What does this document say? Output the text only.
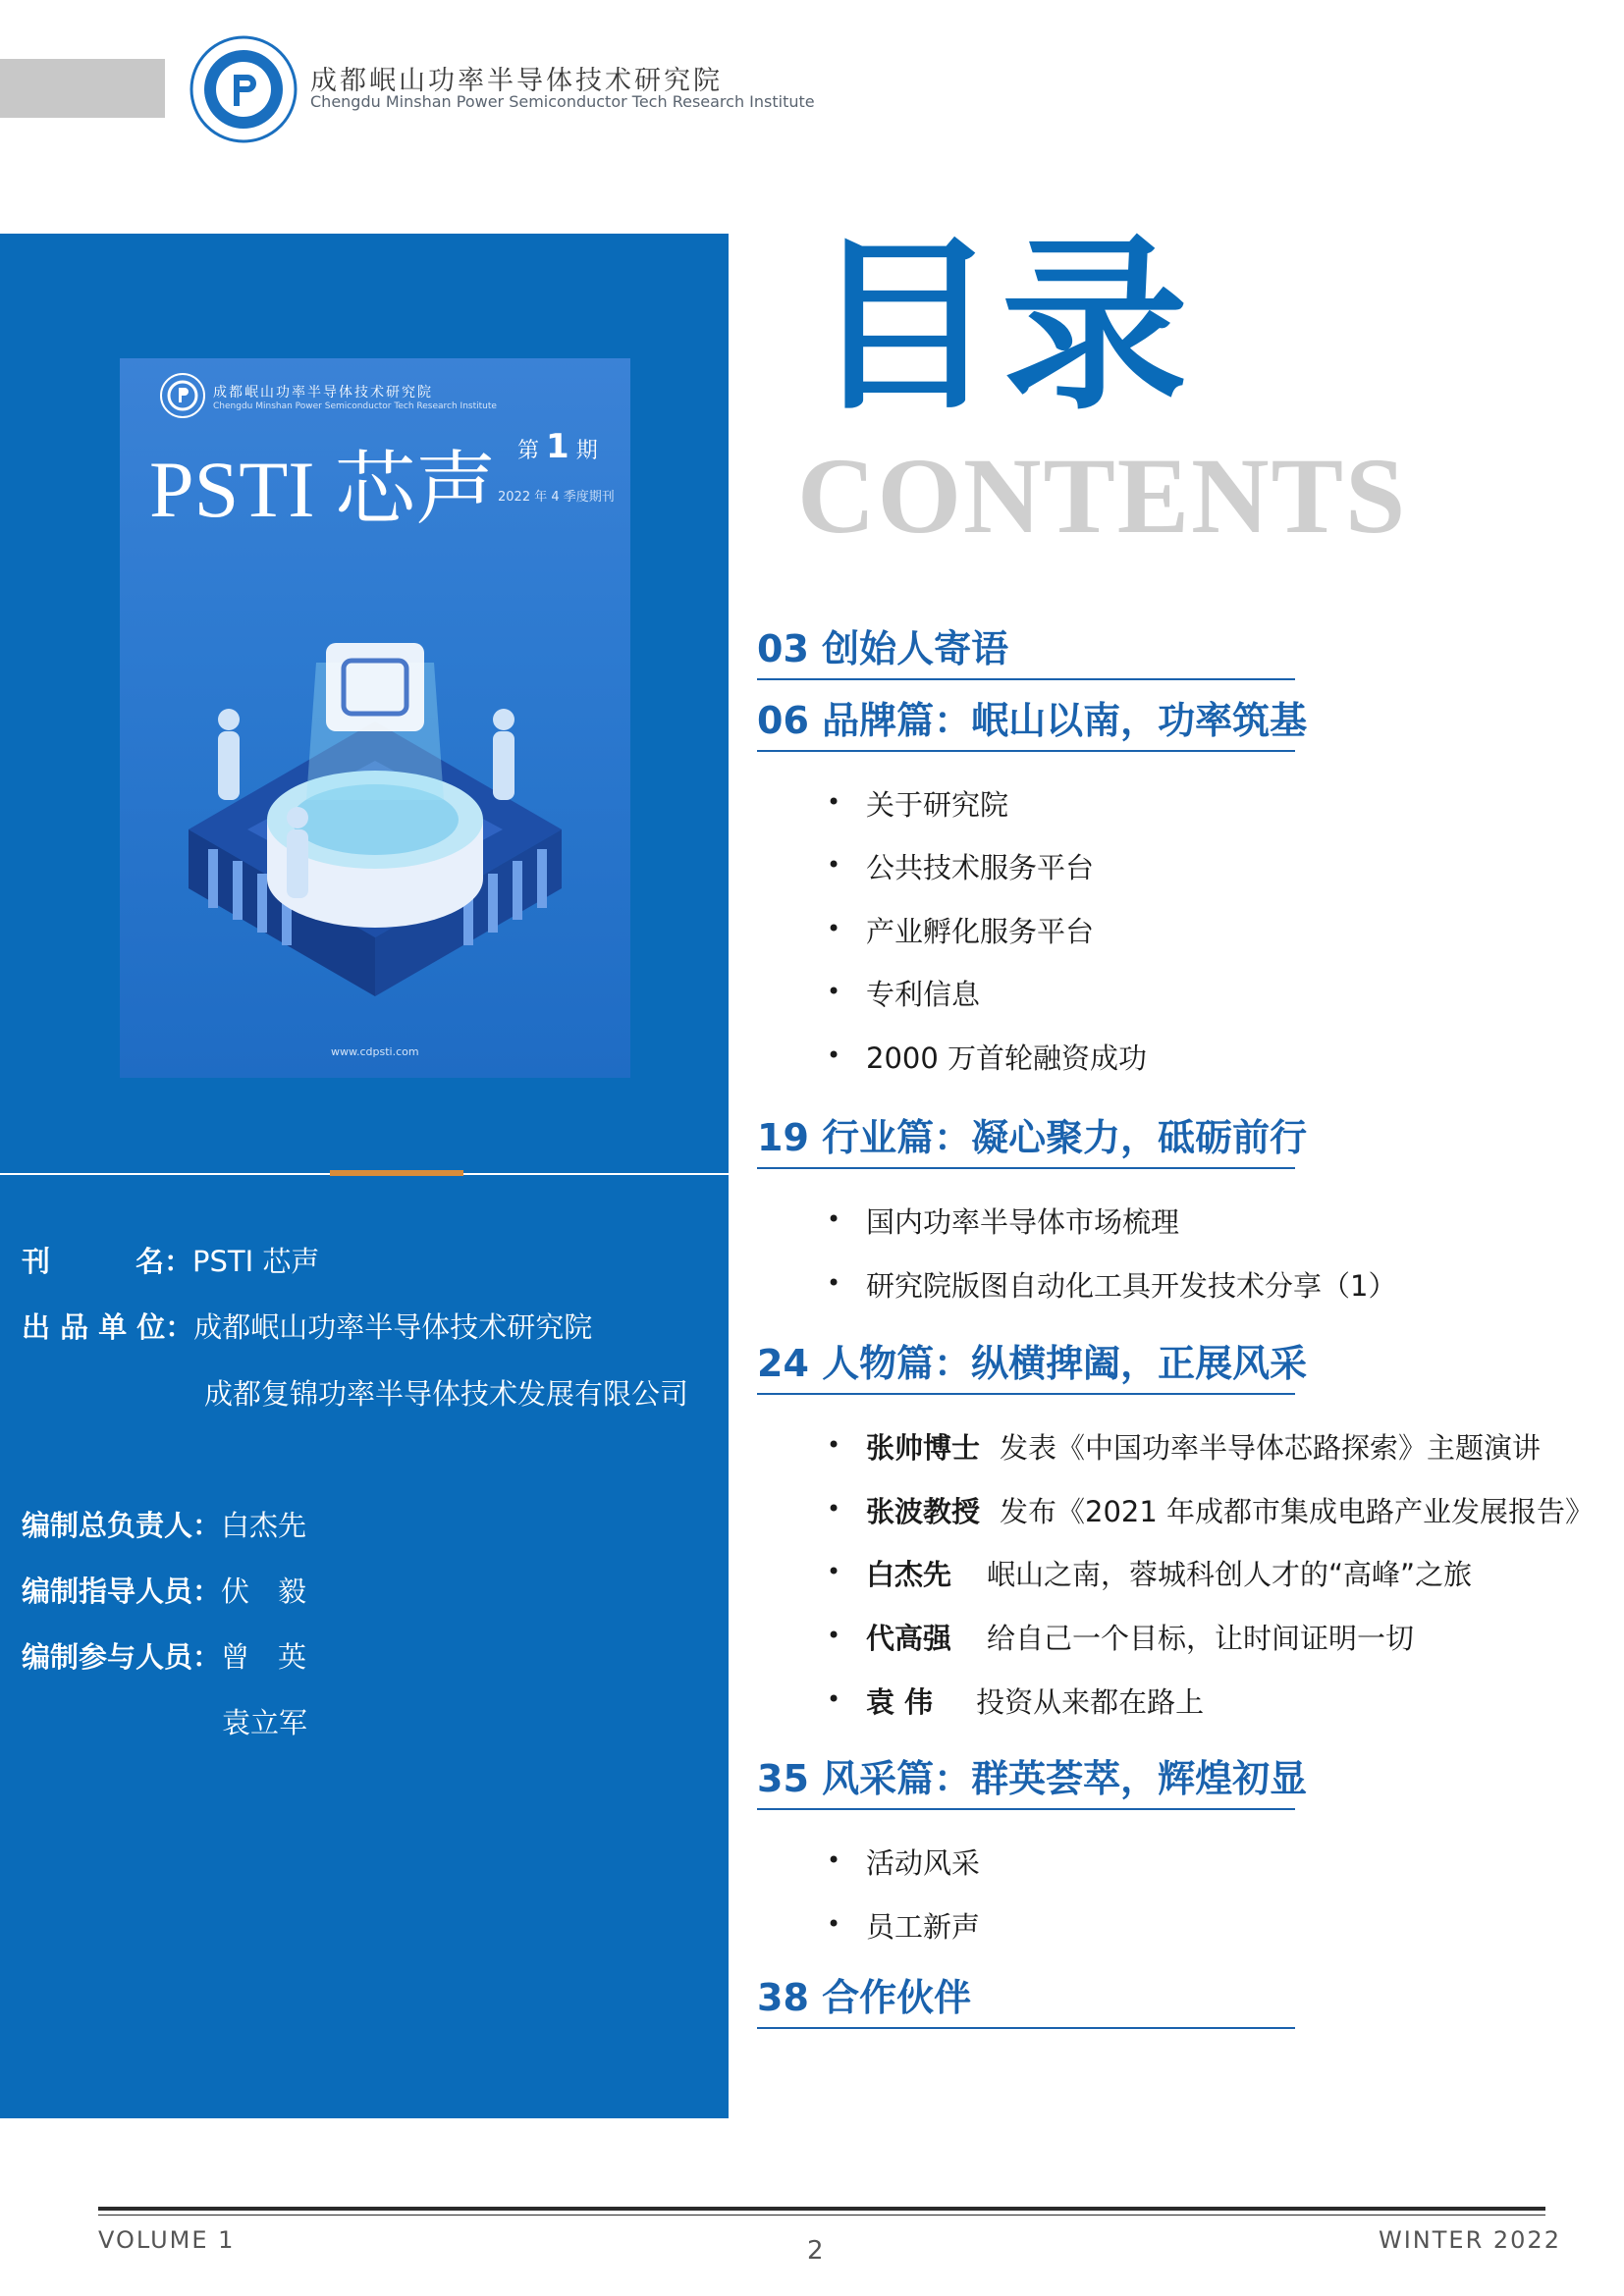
成都岷山功率半导体技术研究院
Chengdu Minshan Power Semiconductor Tech Research Institute
成都岷山功率半导体技术研究院
Chengdu Minshan Power Semiconductor Tech Research Institute
PSTI 芯声 第 1 期
2022 年 4 季度期刊
www.cdpsti.com
刊　　　名：PSTI 芯声
出 品 单 位：成都岷山功率半导体技术研究院
成都复锦功率半导体技术发展有限公司
编制总负责人：白杰先
编制指导人员：伏　毅
编制参与人员：曾　英
袁立军
目录
CONTENTS
03 创始人寄语
06 品牌篇：岷山以南，功率筑基
• 关于研究院
• 公共技术服务平台
• 产业孵化服务平台
• 专利信息
• 2000 万首轮融资成功
19 行业篇：凝心聚力，砥砺前行
• 国内功率半导体市场梳理
• 研究院版图自动化工具开发技术分享（1）
24 人物篇：纵横捭阖，正展风采
• 张帅博士 发表《中国功率半导体芯路探索》主题演讲
• 张波教授 发布《2021 年成都市集成电路产业发展报告》
• 白杰先 岷山之南，蓉城科创人才的“高峰”之旅
• 代高强 给自己一个目标，让时间证明一切
• 袁 伟 投资从来都在路上
35 风采篇：群英荟萃，辉煌初显
• 活动风采
• 员工新声
38 合作伙伴
VOLUME 1	2	WINTER 2022
